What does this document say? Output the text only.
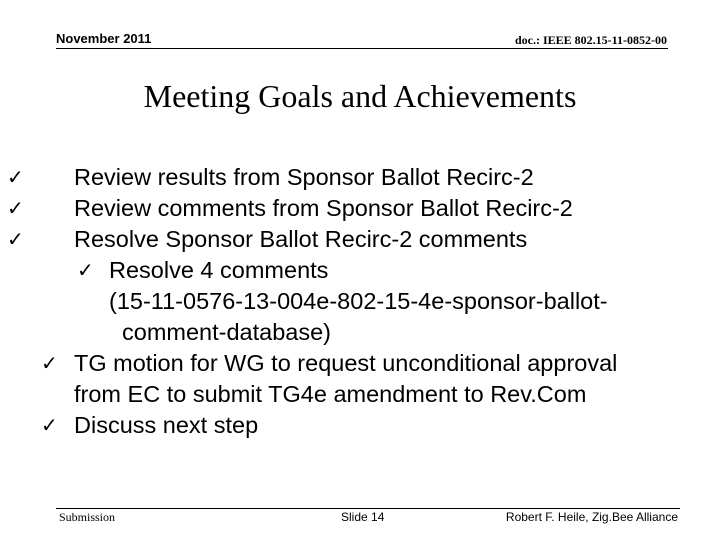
November 2011	doc.: IEEE 802.15-11-0852-00
Meeting Goals and Achievements
✓ Review results from Sponsor Ballot Recirc-2

✓ Review comments from Sponsor Ballot Recirc-2

✓ Resolve Sponsor Ballot Recirc-2 comments

✓ Resolve 4 comments

(15-11-0576-13-004e-802-15-4e-sponsor-ballot-

comment-database)

✓ TG motion for WG to request unconditional approval

from EC to submit TG4e amendment to Rev.Com

✓ Discuss next step

Submission	Slide 14	Robert F. Heile, Zig.Bee Alliance
